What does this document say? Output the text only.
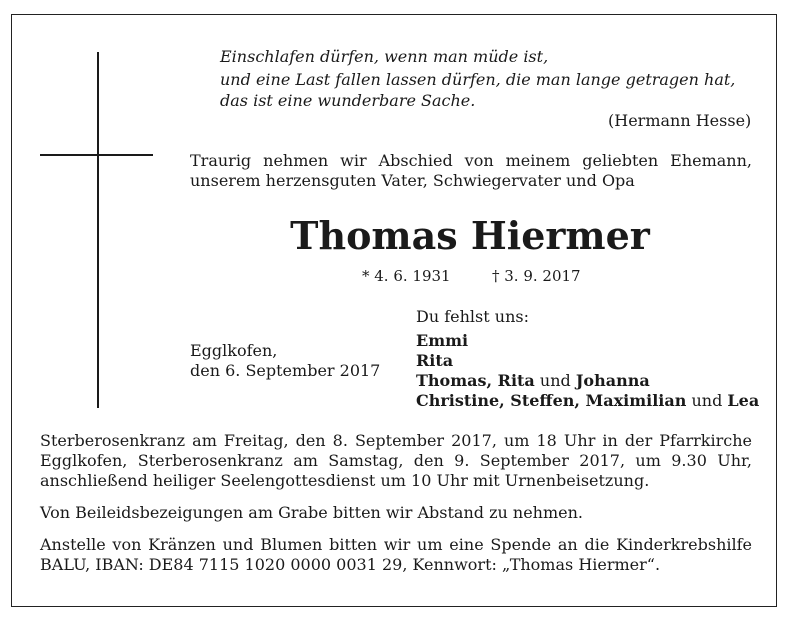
Einschlafen dürfen, wenn man müde ist,
und eine Last fallen lassen dürfen, die man lange getragen hat,
das ist eine wunderbare Sache.
(Hermann Hesse)
Traurig nehmen wir Abschied von meinem geliebten Ehemann,
unserem herzensguten Vater, Schwiegervater und Opa
Thomas Hiermer
* 4. 6. 1931	† 3. 9. 2017
Egglkofen,
den 6. September 2017
Du fehlst uns:
Emmi
Rita
Thomas, Rita und Johanna
Christine, Steffen, Maximilian und Lea
Sterberosenkranz am Freitag, den 8. September 2017, um 18 Uhr in der Pfarrkirche
Egglkofen, Sterberosenkranz am Samstag, den 9. September 2017, um 9.30 Uhr,
anschließend heiliger Seelengottesdienst um 10 Uhr mit Urnenbeisetzung.
Von Beileidsbezeigungen am Grabe bitten wir Abstand zu nehmen.
Anstelle von Kränzen und Blumen bitten wir um eine Spende an die Kinderkrebshilfe
BALU, IBAN: DE84 7115 1020 0000 0031 29, Kennwort: „Thomas Hiermer“.
